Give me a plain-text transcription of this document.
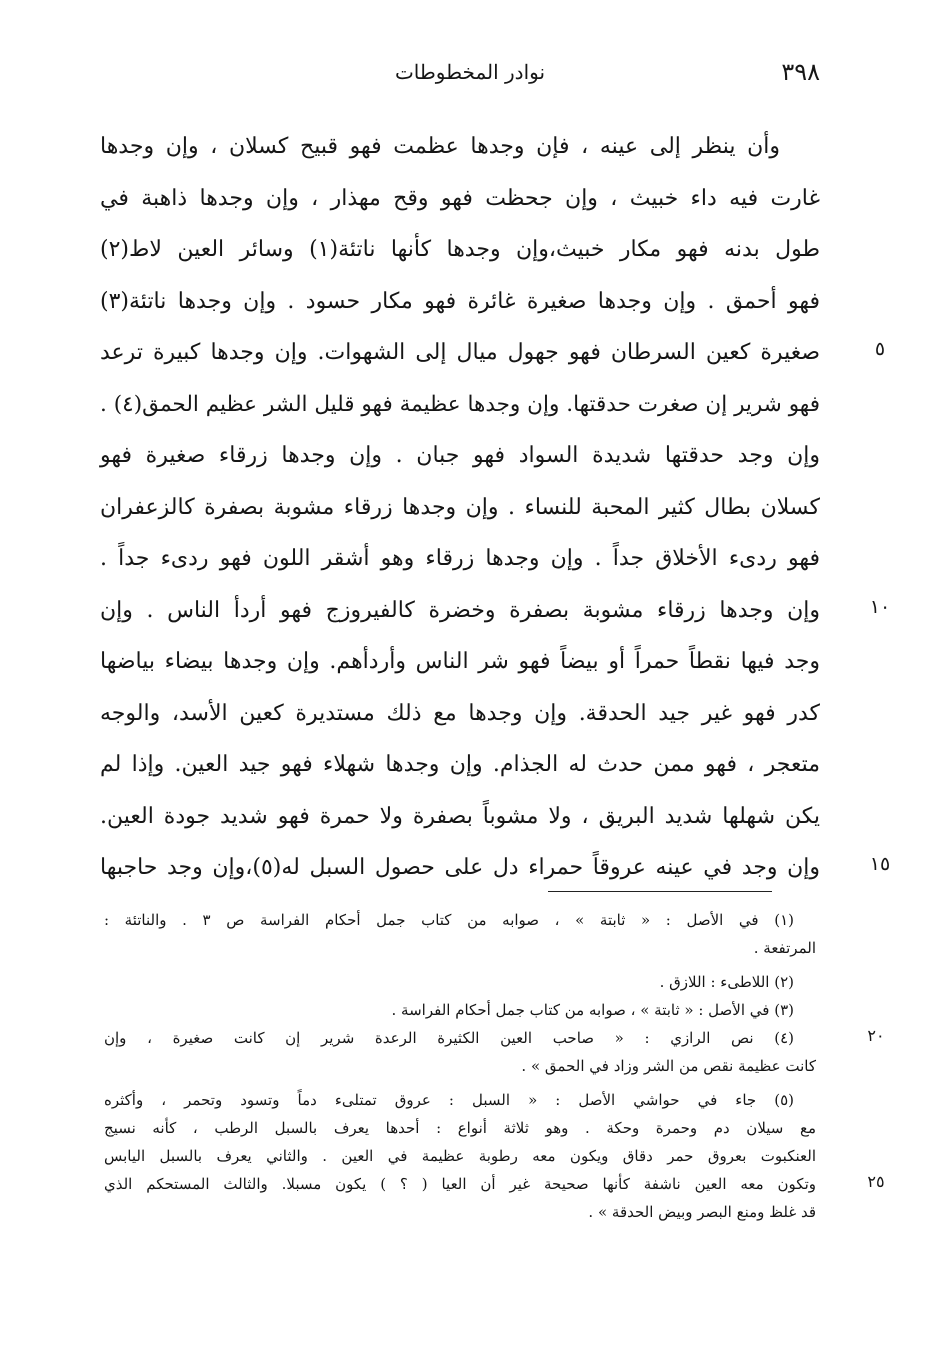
٣٩٨
نوادر المخطوطات
وأن ينظر إلى عينه ، فإن وجدها عظمت فهو قبيح كسلان ، وإن وجدها
غارت فيه داء خبيث ، وإن جحظت فهو وقح مهذار ، وإن وجدها ذاهبة في
طول بدنه فهو مكار خبيث،وإن وجدها كأنها ناتئة(١) وسائر العين لاط(٢)
فهو أحمق . وإن وجدها صغيرة غائرة فهو مكار حسود . وإن وجدها ناتئة(٣)
صغيرة كعين السرطان فهو جهول ميال إلى الشهوات. وإن وجدها كبيرة ترعد	٥
فهو شرير إن صغرت حدقتها. وإن وجدها عظيمة فهو قليل الشر عظيم الحمق(٤) .
وإن وجد حدقتها شديدة السواد فهو جبان . وإن وجدها زرقاء صغيرة فهو
كسلان بطال كثير المحبة للنساء . وإن وجدها زرقاء مشوبة بصفرة كالزعفران
فهو ردىء الأخلاق جداً . وإن وجدها زرقاء وهو أشقر اللون فهو ردىء جداً .
وإن وجدها زرقاء مشوبة بصفرة وخضرة كالفيروزج فهو أردأ الناس . وإن	١٠
وجد فيها نقطاً حمراً أو بيضاً فهو شر الناس وأردأهم. وإن وجدها بيضاء بياضها
كدر فهو غير جيد الحدقة. وإن وجدها مع ذلك مستديرة كعين الأسد، والوجه
متعجر ، فهو ممن حدث له الجذام. وإن وجدها شهلاء فهو جيد العين. وإذا لم
يكن شهلها شديد البريق ، ولا مشوباً بصفرة ولا حمرة فهو شديد جودة العين.
وإن وجد في عينه عروقاً حمراء دل على حصول السبل له(٥)،وإن وجد حاجبها	١٥
(١) في الأصل : « ثابتة » ، صوابه من كتاب جمل أحكام الفراسة ص ٣ . والناتئة :
المرتفعة .
(٢) اللاطىء : اللازق .
(٣) في الأصل : « ثابتة » ، صوابه من كتاب جمل أحكام الفراسة .
(٤) نص الرازي : « صاحب العين الكثيرة الرعدة شرير إن كانت صغيرة ، وإن	٢٠
كانت عظيمة نقص من الشر وزاد في الحمق » .
(٥) جاء في حواشي الأصل : « السبل : عروق تمتلىء دماً وتسود وتحمر ، وأكثره
مع سيلان دم وحمرة وحكة . وهو ثلاثة أنواع : أحدها يعرف بالسبل الرطب ، كأنه نسيج
العنكبوت بعروق حمر دقاق ويكون معه رطوبة عظيمة في العين . والثاني يعرف بالسبل اليابس
وتكون معه العين ناشفة كأنها صحيحة غير أن العيا ( ؟ ) يكون مسبلا. والثالث المستحكم الذي	٢٥
قد غلظ ومنع البصر وبيض الحدقة » .
